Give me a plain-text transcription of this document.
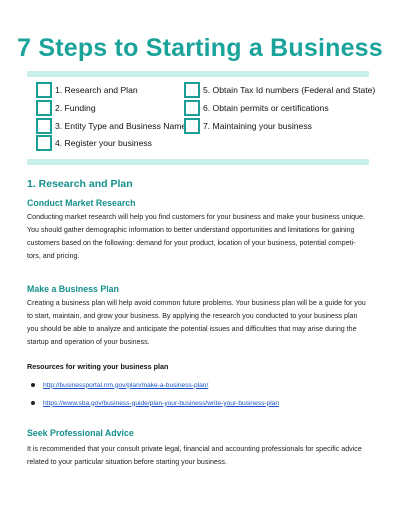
7 Steps to Starting a Business
1. Research and Plan
2. Funding
3. Entity Type and Business Name
4. Register your business
5. Obtain Tax Id numbers (Federal and State)
6. Obtain permits or certifications
7. Maintaining your business
1. Research and Plan
Conduct Market Research
Conducting market research will help you find customers for your business and make your business unique.
You should gather demographic information to better understand opportunities and limitations for gaining
customers based on the following: demand for your product, location of your business, potential competi-
tors, and pricing.
Make a Business Plan
Creating a business plan will help avoid common future problems. Your business plan will be a guide for you
to start, maintain, and grow your business. By applying the research you conducted to your business plan
you should be able to analyze and anticipate the potential issues and difficulties that may arise during the
startup and operation of your business.
Resources for writing your business plan
http://businessportal.nm.gov/plan/make-a-business-plan/
https://www.sba.gov/business-guide/plan-your-business/write-your-business-plan
Seek Professional Advice
It is recommended that your consult private legal, financial and accounting professionals for specific advice
related to your particular situation before starting your business.
